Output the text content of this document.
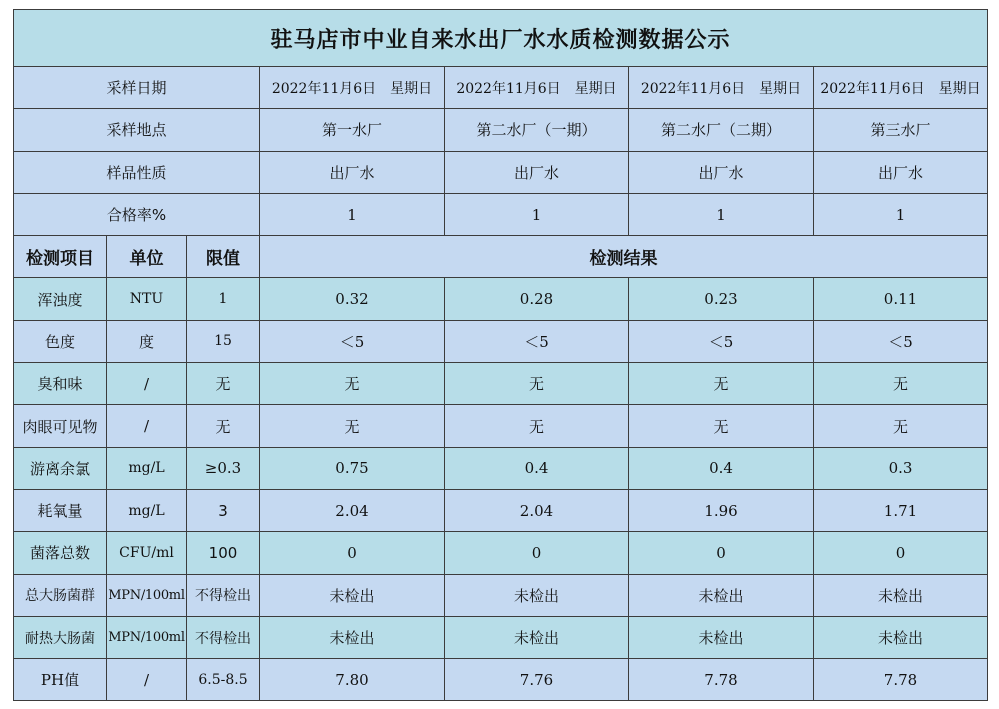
驻马店市中业自来水出厂水水质检测数据公示						
采样日期			2022年11月6日　星期日	2022年11月6日　星期日	2022年11月6日　星期日	2022年11月6日　星期日
采样地点			第一水厂	第二水厂（一期）	第二水厂（二期）	第三水厂
样品性质			出厂水	出厂水	出厂水	出厂水
合格率%			1	1	1	1
检测项目	单位	限值	检测结果			
浑浊度	NTU	1	0.32	0.28	0.23	0.11
色度	度	15	＜5	＜5	＜5	＜5
臭和味	/	无	无	无	无	无
肉眼可见物	/	无	无	无	无	无
游离余氯	mg/L	≥0.3	0.75	0.4	0.4	0.3
耗氧量	mg/L	3	2.04	2.04	1.96	1.71
菌落总数	CFU/ml	100	0	0	0	0
总大肠菌群	MPN/100ml	不得检出	未检出	未检出	未检出	未检出
耐热大肠菌	MPN/100ml	不得检出	未检出	未检出	未检出	未检出
PH值	/	6.5-8.5	7.80	7.76	7.78	7.78
